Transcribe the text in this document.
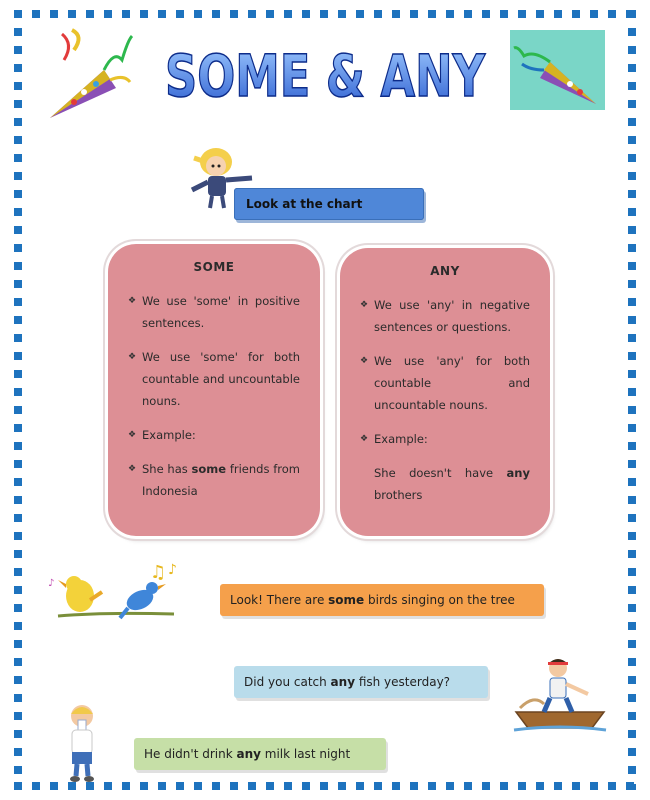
SOME & ANY
Look at the chart
SOME
❖ We use 'some' in positive sentences.
❖ We use 'some' for both countable and uncountable nouns.
❖ Example:
❖ She has some friends from Indonesia
ANY
❖ We use 'any' in negative sentences or questions.
❖ We use 'any' for both countable and uncountable nouns.
❖ Example:
She doesn't have any brothers
♪
♫ ♪
Look! There are some birds singing on the tree
Did you catch any fish yesterday?
He didn't drink any milk last night
